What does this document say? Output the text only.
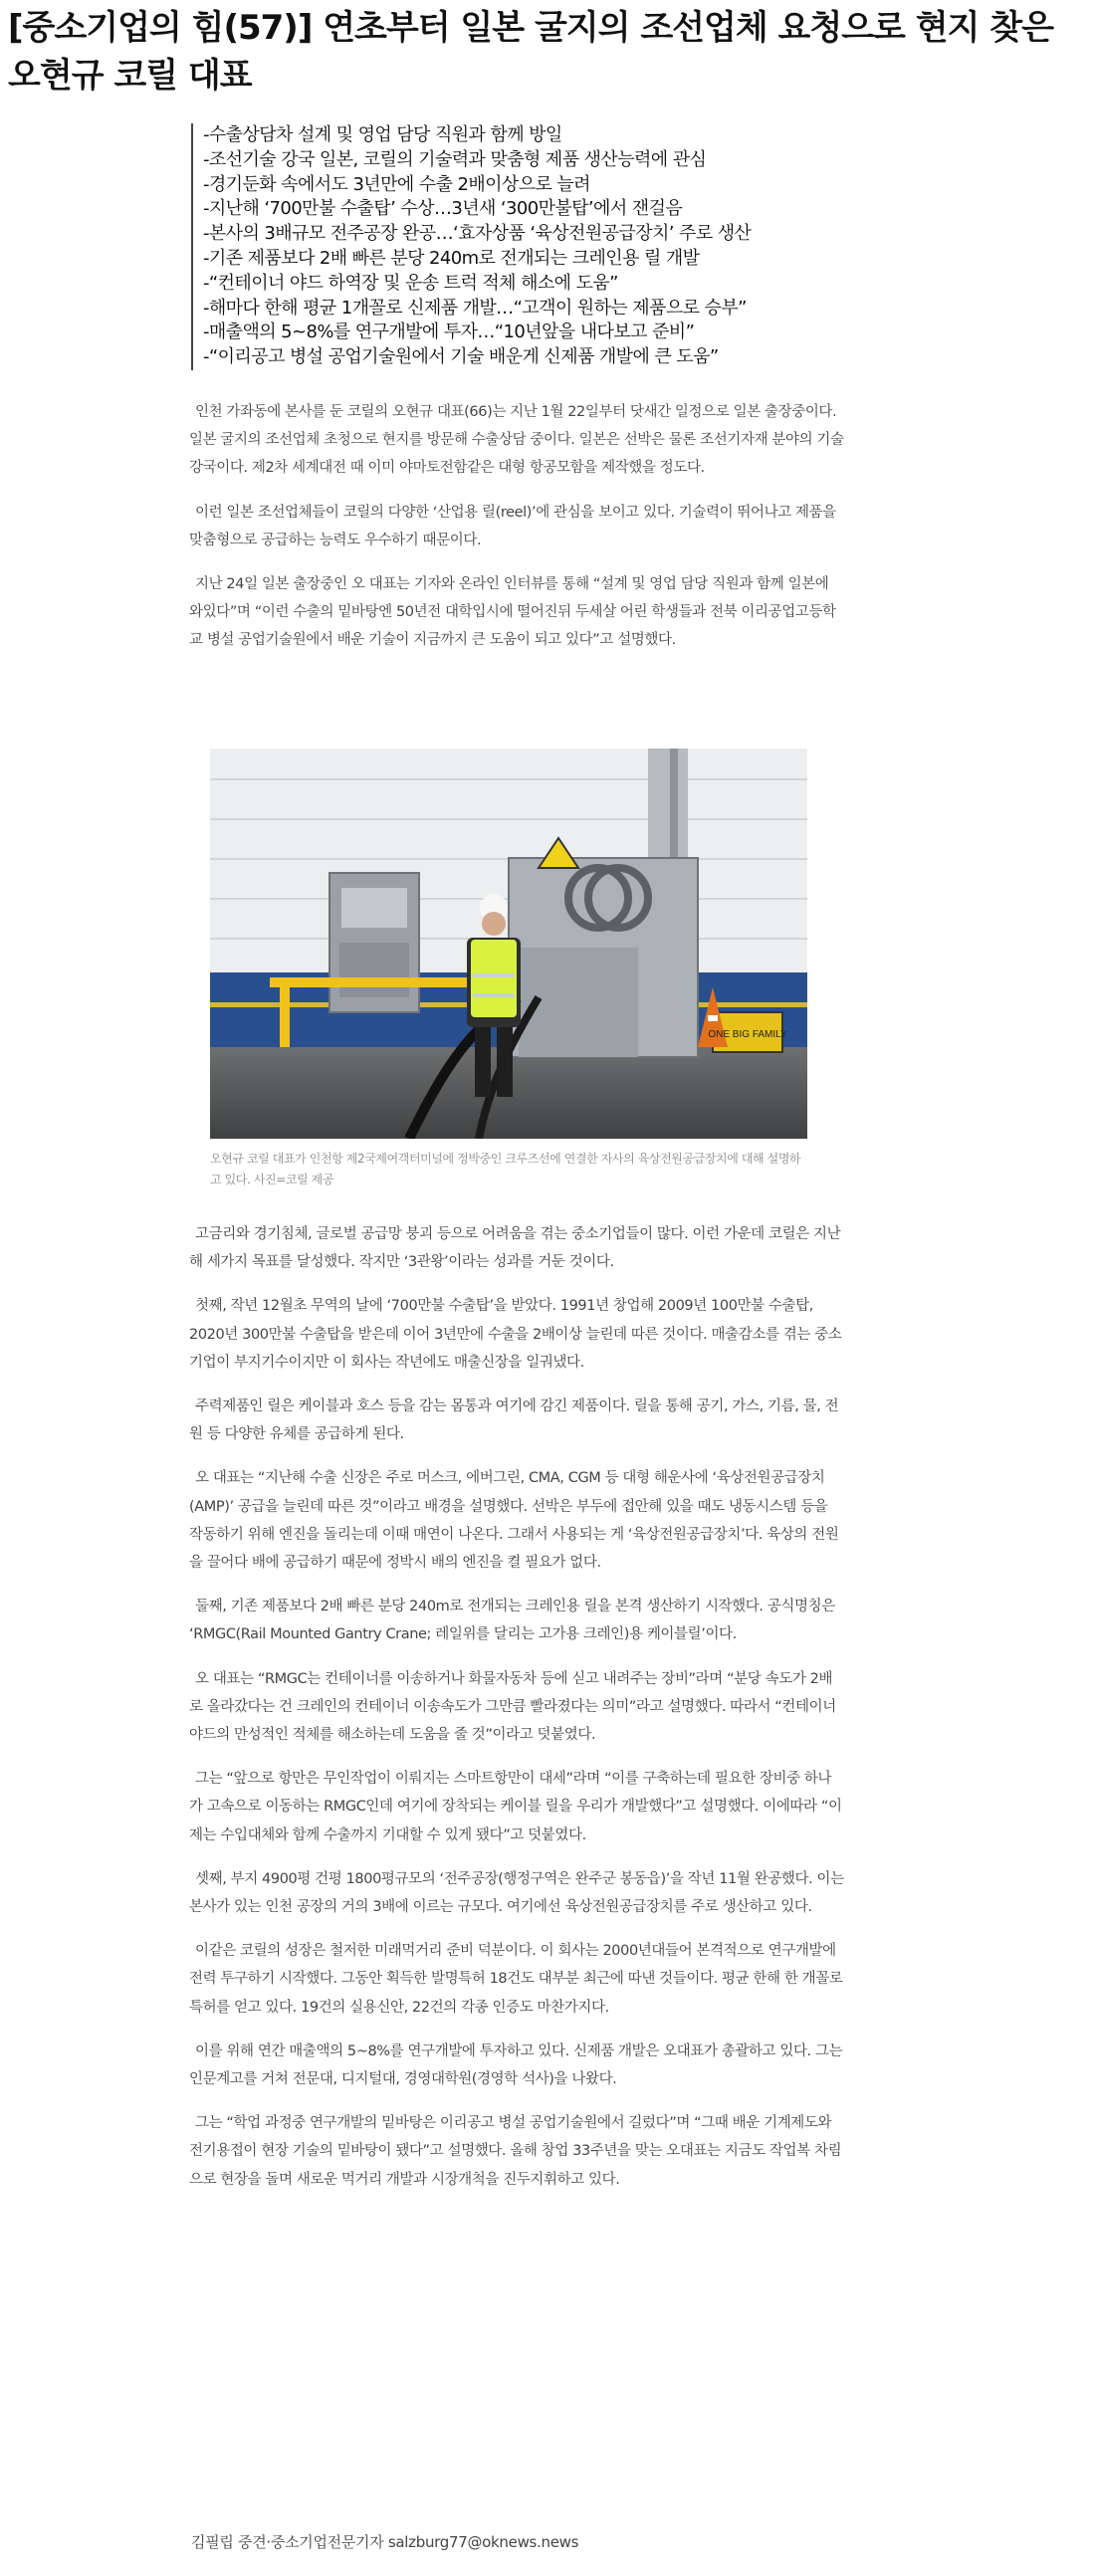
[중소기업의 힘(57)] 연초부터 일본 굴지의 조선업체 요청으로 현지 찾은 오현규 코릴 대표
-수출상담차 설계 및 영업 담당 직원과 함께 방일
-조선기술 강국 일본, 코릴의 기술력과 맞춤형 제품 생산능력에 관심
-경기둔화 속에서도 3년만에 수출 2배이상으로 늘려
-지난해 ‘700만불 수출탑’ 수상…3년새 ‘300만불탑’에서 잰걸음
-본사의 3배규모 전주공장 완공…‘효자상품 ‘육상전원공급장치’ 주로 생산
-기존 제품보다 2배 빠른 분당 240m로 전개되는 크레인용 릴 개발
-“컨테이너 야드 하역장 및 운송 트럭 적체 해소에 도움”
-해마다 한해 평균 1개꼴로 신제품 개발…“고객이 원하는 제품으로 승부”
-매출액의 5~8%를 연구개발에 투자…“10년앞을 내다보고 준비”
-“이리공고 병설 공업기술원에서 기술 배운게 신제품 개발에 큰 도움”

인천 가좌동에 본사를 둔 코릴의 오현규 대표(66)는 지난 1월 22일부터 닷새간 일정으로 일본 출장중이다. 일본 굴지의 조선업체 초청으로 현지를 방문해 수출상담 중이다. 일본은 선박은 물론 조선기자재 분야의 기술강국이다. 제2차 세계대전 때 이미 야마토전함같은 대형 항공모함을 제작했을 정도다.

이런 일본 조선업체들이 코릴의 다양한 ‘산업용 릴(reel)’에 관심을 보이고 있다. 기술력이 뛰어나고 제품을 맞춤형으로 공급하는 능력도 우수하기 때문이다.

지난 24일 일본 출장중인 오 대표는 기자와 온라인 인터뷰를 통해 “설계 및 영업 담당 직원과 함께 일본에 와있다”며 “이런 수출의 밑바탕엔 50년전 대학입시에 떨어진뒤 두세살 어린 학생들과 전북 이리공업고등학교 병설 공업기술원에서 배운 기술이 지금까지 큰 도움이 되고 있다”고 설명했다.

ONE BIG FAMILY
오현규 코릴 대표가 인천항 제2국제여객터미널에 정박중인 크루즈선에 연결한 자사의 육상전원공급장치에 대해 설명하고 있다. 사진=코릴 제공

고금리와 경기침체, 글로벌 공급망 붕괴 등으로 어려움을 겪는 중소기업들이 많다. 이런 가운데 코릴은 지난해 세가지 목표를 달성했다. 작지만 ‘3관왕’이라는 성과를 거둔 것이다.

첫째, 작년 12월초 무역의 날에 ‘700만불 수출탑’을 받았다. 1991년 창업해 2009년 100만불 수출탑, 2020년 300만불 수출탑을 받은데 이어 3년만에 수출을 2배이상 늘린데 따른 것이다. 매출감소를 겪는 중소기업이 부지기수이지만 이 회사는 작년에도 매출신장을 일궈냈다.

주력제품인 릴은 케이블과 호스 등을 감는 몸통과 여기에 감긴 제품이다. 릴을 통해 공기, 가스, 기름, 물, 전원 등 다양한 유체를 공급하게 된다.

오 대표는 “지난해 수출 신장은 주로 머스크, 에버그린, CMA, CGM 등 대형 해운사에 ‘육상전원공급장치(AMP)’ 공급을 늘린데 따른 것”이라고 배경을 설명했다. 선박은 부두에 접안해 있을 때도 냉동시스템 등을 작동하기 위해 엔진을 돌리는데 이때 매연이 나온다. 그래서 사용되는 게 ‘육상전원공급장치’다. 육상의 전원을 끌어다 배에 공급하기 때문에 정박시 배의 엔진을 켤 필요가 없다.

둘째, 기존 제품보다 2배 빠른 분당 240m로 전개되는 크레인용 릴을 본격 생산하기 시작했다. 공식명칭은 ‘RMGC(Rail Mounted Gantry Crane; 레일위를 달리는 고가용 크레인)용 케이블릴’이다.

오 대표는 “RMGC는 컨테이너를 이송하거나 화물자동차 등에 싣고 내려주는 장비”라며 “분당 속도가 2배로 올라갔다는 건 크레인의 컨테이너 이송속도가 그만큼 빨라졌다는 의미”라고 설명했다. 따라서 “컨테이너 야드의 만성적인 적체를 해소하는데 도움을 줄 것”이라고 덧붙였다.

그는 “앞으로 항만은 무인작업이 이뤄지는 스마트항만이 대세”라며 “이를 구축하는데 필요한 장비중 하나가 고속으로 이동하는 RMGC인데 여기에 장착되는 케이블 릴을 우리가 개발했다”고 설명했다. 이에따라 “이제는 수입대체와 함께 수출까지 기대할 수 있게 됐다”고 덧붙였다.

셋째, 부지 4900평 건평 1800평규모의 ‘전주공장(행정구역은 완주군 봉동읍)’을 작년 11월 완공했다. 이는 본사가 있는 인천 공장의 거의 3배에 이르는 규모다. 여기에선 육상전원공급장치를 주로 생산하고 있다.

이같은 코릴의 성장은 철저한 미래먹거리 준비 덕분이다. 이 회사는 2000년대들어 본격적으로 연구개발에 전력 투구하기 시작했다. 그동안 획득한 발명특허 18건도 대부분 최근에 따낸 것들이다. 평균 한해 한 개꼴로 특허를 얻고 있다. 19건의 실용신안, 22건의 각종 인증도 마찬가지다.

이를 위해 연간 매출액의 5~8%를 연구개발에 투자하고 있다. 신제품 개발은 오대표가 총괄하고 있다. 그는 인문계고를 거쳐 전문대, 디지털대, 경영대학원(경영학 석사)을 나왔다.

그는 “학업 과정중 연구개발의 밑바탕은 이리공고 병설 공업기술원에서 길렀다”며 “그때 배운 기계제도와 전기용접이 현장 기술의 밑바탕이 됐다”고 설명했다. 올해 창업 33주년을 맞는 오대표는 지금도 작업복 차림으로 현장을 돌며 새로운 먹거리 개발과 시장개척을 진두지휘하고 있다.

김필립 중견·중소기업전문기자 salzburg77@oknews.news
